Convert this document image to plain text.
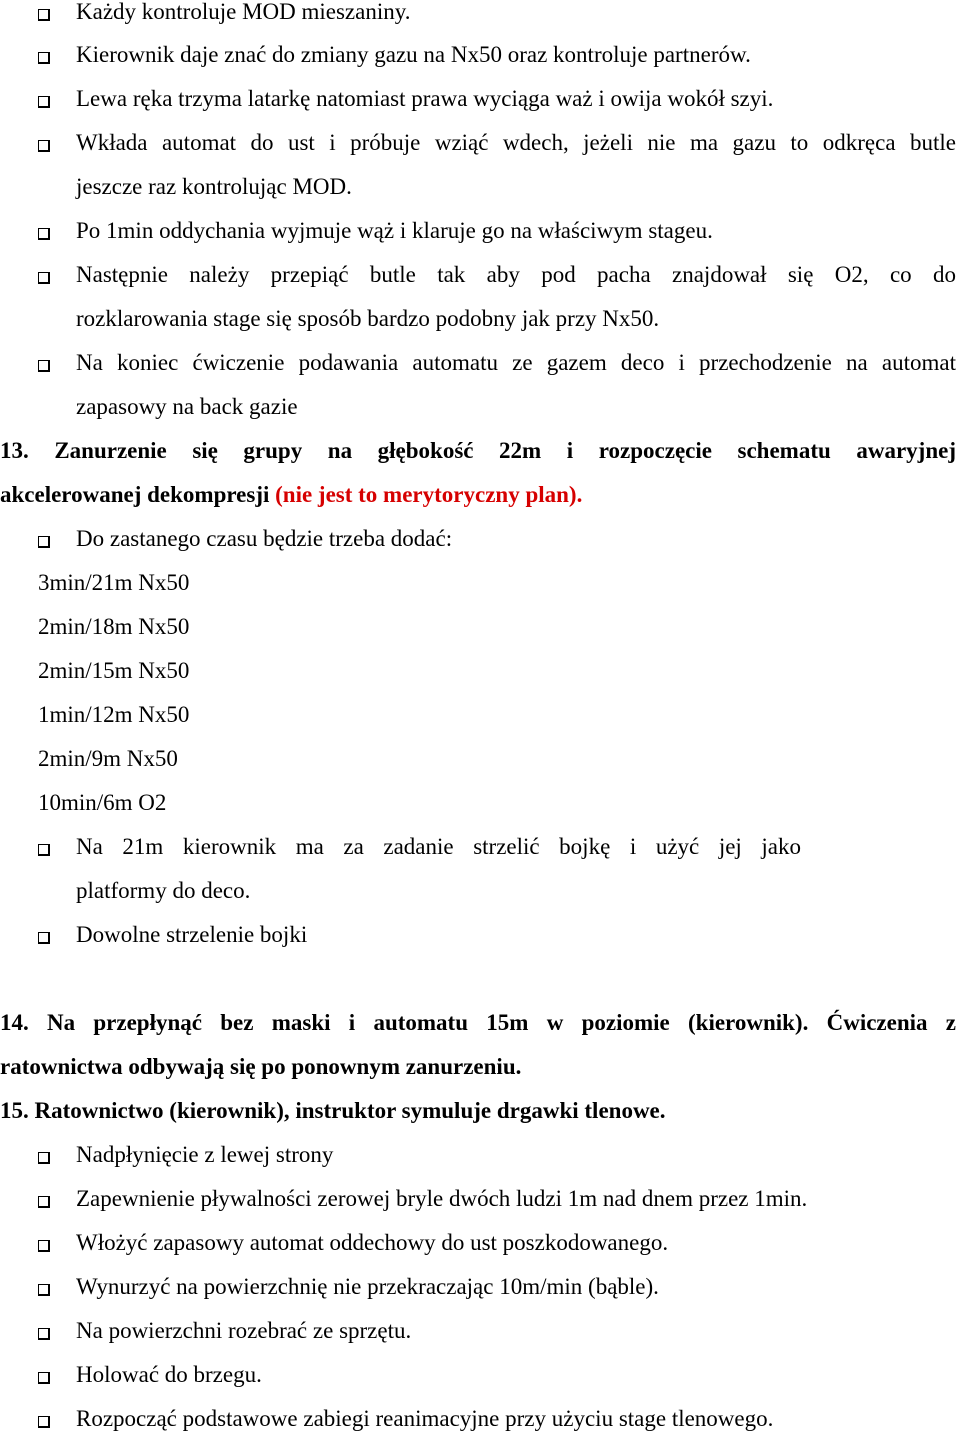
Każdy kontroluje MOD mieszaniny.
Kierownik daje znać do zmiany gazu na Nx50 oraz kontroluje partnerów.
Lewa ręka trzyma latarkę natomiast prawa wyciąga waż i owija wokół szyi.
Wkłada automat do ust i próbuje wziąć wdech, jeżeli nie ma gazu to odkręca butle
jeszcze raz kontrolując MOD.
Po 1min oddychania wyjmuje wąż i klaruje go na właściwym stageu.
Następnie należy przepiąć butle tak aby pod pacha znajdował się O2, co do
rozklarowania stage się sposób bardzo podobny jak przy Nx50.
Na koniec ćwiczenie podawania automatu ze gazem deco i przechodzenie na automat
zapasowy na back gazie
13. Zanurzenie się grupy na głębokość 22m i rozpoczęcie schematu awaryjnej
akcelerowanej dekompresji (nie jest to merytoryczny plan).
Do zastanego czasu będzie trzeba dodać:
3min/21m Nx50
2min/18m Nx50
2min/15m Nx50
1min/12m Nx50
2min/9m Nx50
10min/6m O2
Na 21m kierownik ma za zadanie strzelić bojkę i użyć jej jako
platformy do deco.
Dowolne strzelenie bojki
14. Na przepłynąć bez maski i automatu 15m w poziomie (kierownik). Ćwiczenia z
ratownictwa odbywają się po ponownym zanurzeniu.
15. Ratownictwo (kierownik), instruktor symuluje drgawki tlenowe.
Nadpłynięcie z lewej strony
Zapewnienie pływalności zerowej bryle dwóch ludzi 1m nad dnem przez 1min.
Włożyć zapasowy automat oddechowy do ust poszkodowanego.
Wynurzyć na powierzchnię nie przekraczając 10m/min (bąble).
Na powierzchni rozebrać ze sprzętu.
Holować do brzegu.
Rozpocząć podstawowe zabiegi reanimacyjne przy użyciu stage tlenowego.
